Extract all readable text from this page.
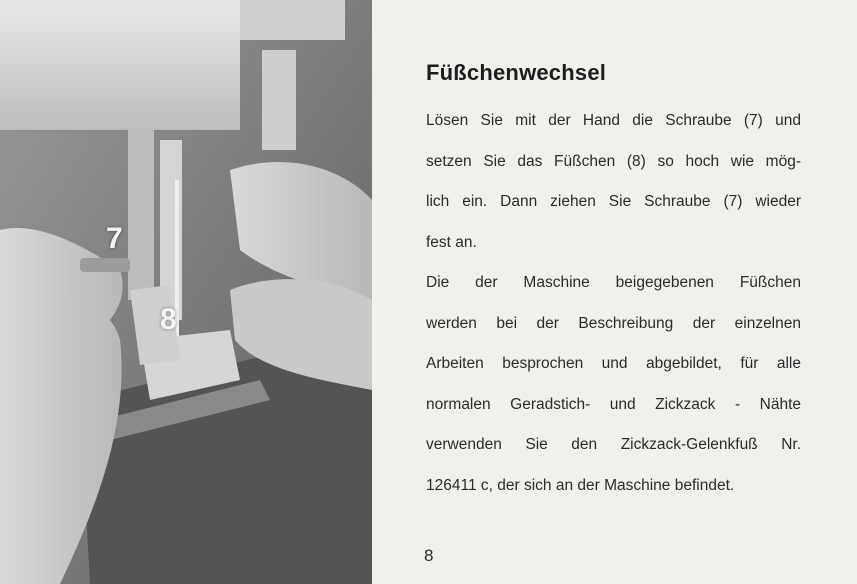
7
8
Füßchenwechsel
Lösen Sie mit der Hand die Schraube (7) und
setzen Sie das Füßchen (8) so hoch wie mög-
lich ein. Dann ziehen Sie Schraube (7) wieder
fest an.
Die der Maschine beigegebenen Füßchen
werden bei der Beschreibung der einzelnen
Arbeiten besprochen und abgebildet, für alle
normalen Geradstich- und Zickzack - Nähte
verwenden Sie den Zickzack-Gelenkfuß Nr.
126411 c, der sich an der Maschine befindet.
8
